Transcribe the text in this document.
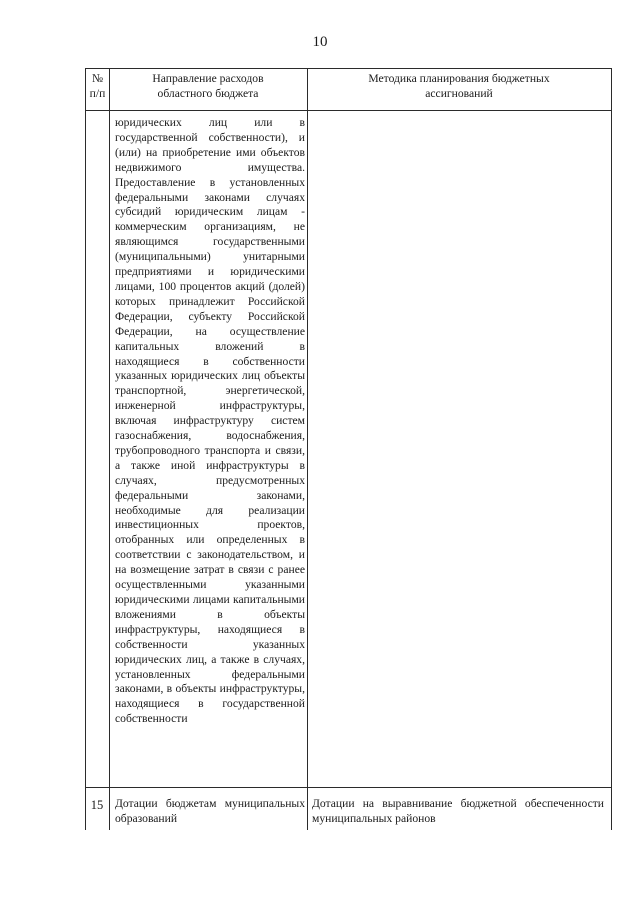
10
№ п/п
Направление расходов областного бюджета
Методика планирования бюджетных ассигнований
юридических лиц или в государственной собственности), и (или) на приобретение ими объектов недвижимого имущества. Предоставление в установленных федеральными законами случаях субсидий юридическим лицам - коммерческим организациям, не являющимся государственными (муниципальными) унитарными предприятиями и юридическими лицами, 100 процентов акций (долей) которых принадлежит Российской Федерации, субъекту Российской Федерации, на осуществление капитальных вложений в находящиеся в собственности указанных юридических лиц объекты транспортной, энергетической, инженерной инфраструктуры, включая инфраструктуру систем газоснабжения, водоснабжения, трубопроводного транспорта и связи, а также иной инфраструктуры в случаях, предусмотренных федеральными законами, необходимые для реализации инвестиционных проектов, отобранных или определенных в соответствии с законодательством, и на возмещение затрат в связи с ранее осуществленными указанными юридическими лицами капитальными вложениями в объекты инфраструктуры, находящиеся в собственности указанных юридических лиц, а также в случаях, установленных федеральными законами, в объекты инфраструктуры, находящиеся в государственной собственности
15	Дотации бюджетам муниципальных образований
Дотации на выравнивание бюджетной обеспеченности муниципальных районов
